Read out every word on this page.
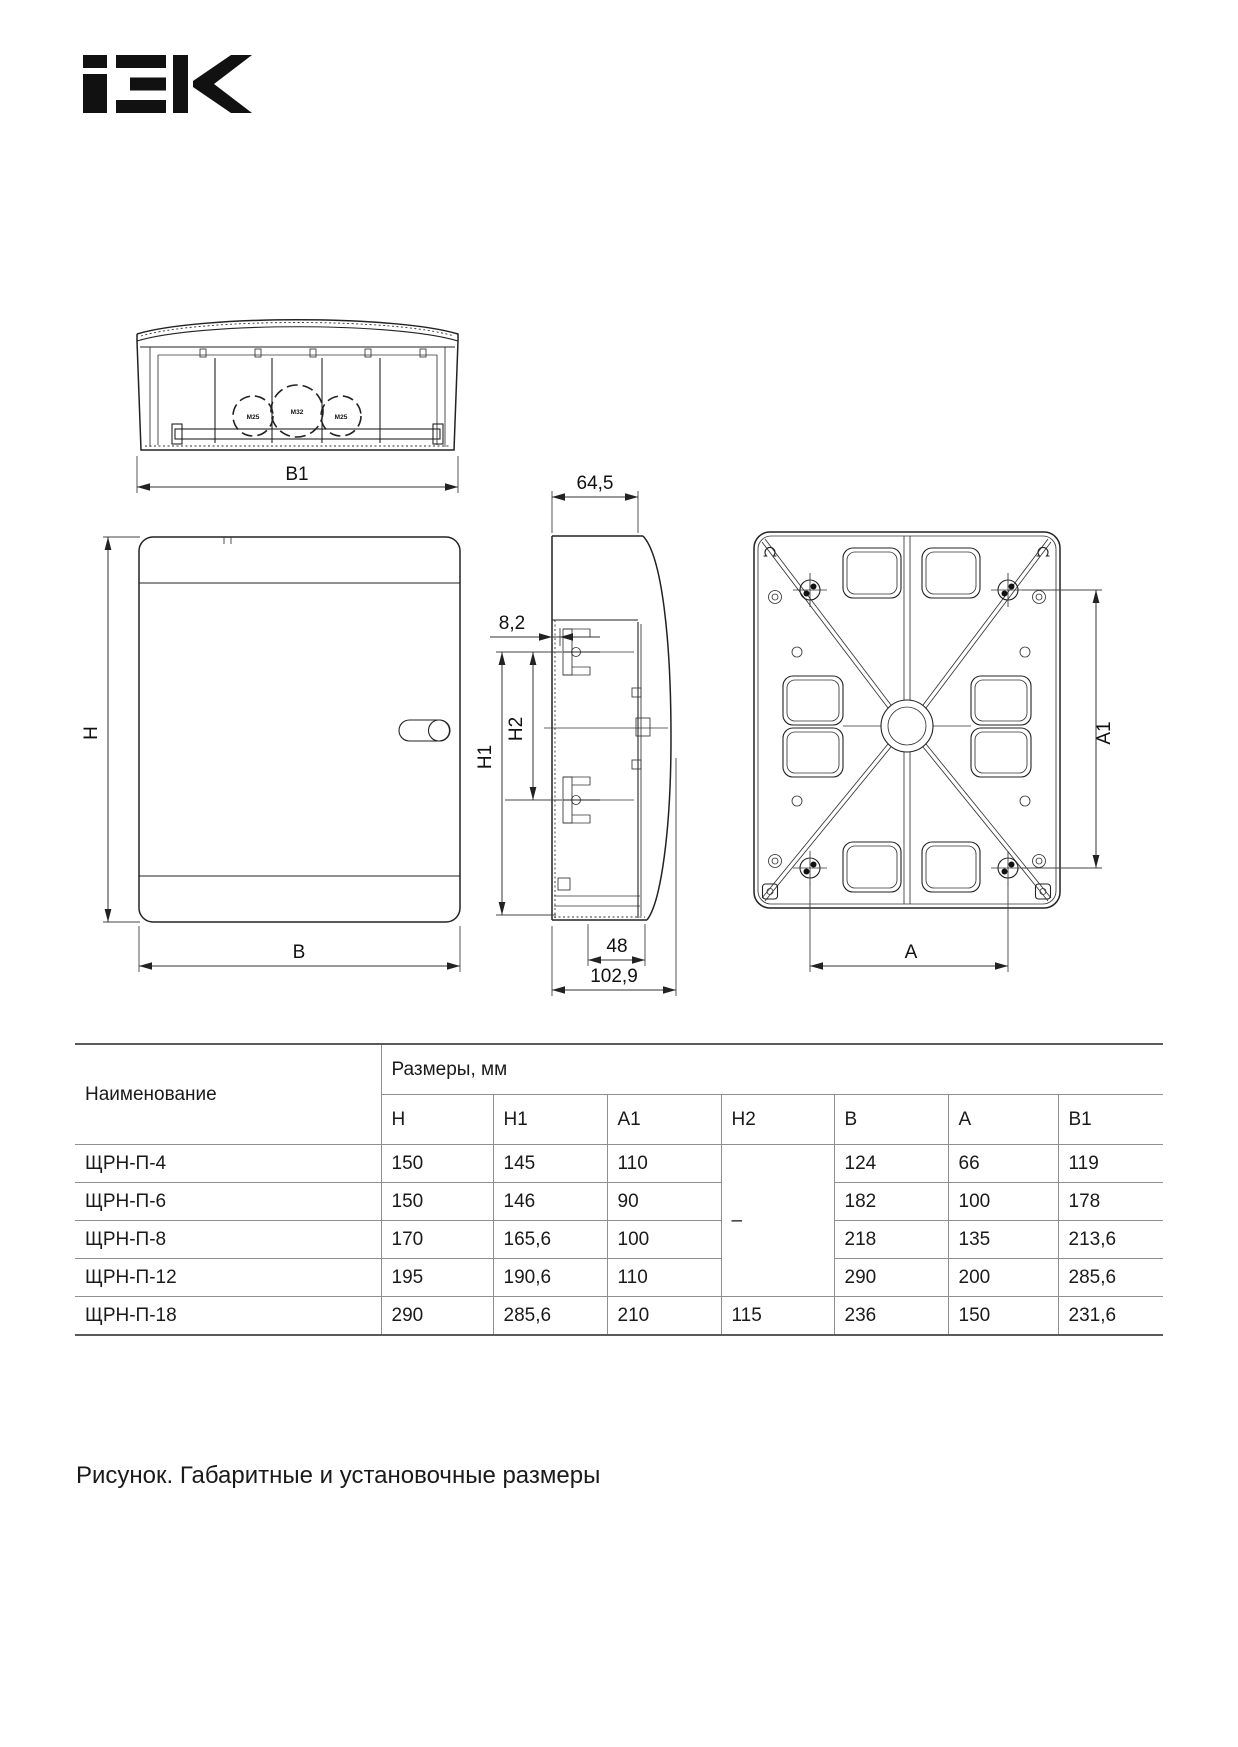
M25
M32
M25
B1
H
B
64,5
8,2
H2
H1
48
102,9
A
A1
Наименование	Размеры, мм						
	H	H1	A1	H2	B	A	B1
ЩРН-П-4	150	145	110	–	124	66	119
ЩРН-П-6	150	146	90		182	100	178
ЩРН-П-8	170	165,6	100		218	135	213,6
ЩРН-П-12	195	190,6	110		290	200	285,6
ЩРН-П-18	290	285,6	210	115	236	150	231,6
Рисунок. Габаритные и установочные размеры
